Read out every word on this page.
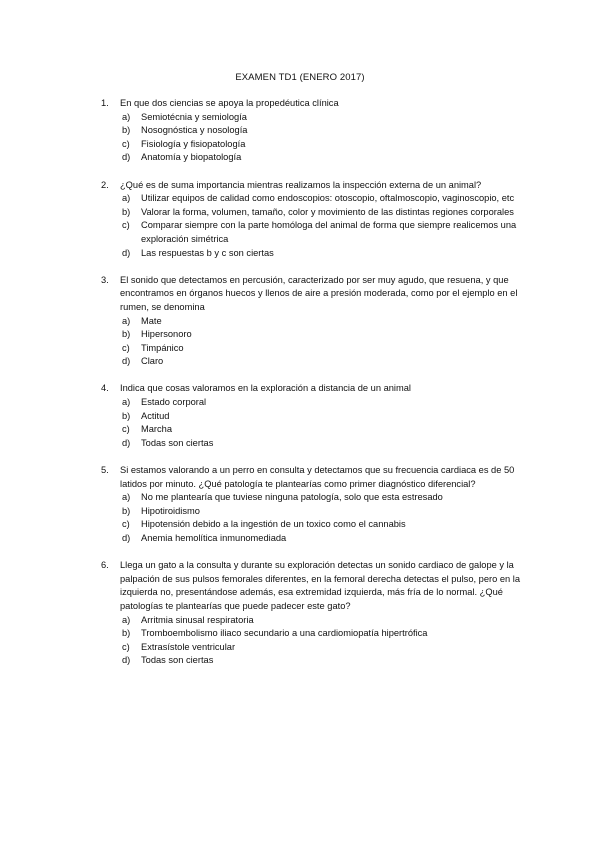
EXAMEN TD1 (ENERO 2017)
1.	En que dos ciencias se apoya la propedéutica clínica
a)	Semiotécnia y semiología
b)	Nosognóstica y nosología
c)	Fisiología y fisiopatología
d)	Anatomía y biopatología
2.	¿Qué es de suma importancia mientras realizamos la inspección externa de un animal?
a)	Utilizar equipos de calidad como endoscopios: otoscopio, oftalmoscopio, vaginoscopio, etc
b)	Valorar la forma, volumen, tamaño, color y movimiento de las distintas regiones corporales
c)	Comparar siempre con la parte homóloga del animal de forma que siempre realicemos una exploración simétrica
d)	Las respuestas b y c son ciertas
3.	El sonido que detectamos en percusión, caracterizado por ser muy agudo, que resuena, y que encontramos en órganos huecos y llenos de aire a presión moderada, como por el ejemplo en el rumen, se denomina
a)	Mate
b)	Hipersonoro
c)	Timpánico
d)	Claro
4.	Indica que cosas valoramos en la exploración a distancia de un animal
a)	Estado corporal
b)	Actitud
c)	Marcha
d)	Todas son ciertas
5.	Si estamos valorando a un perro en consulta y detectamos que su frecuencia cardiaca es de 50 latidos por minuto. ¿Qué patología te plantearías como primer diagnóstico diferencial?
a)	No me plantearía que tuviese ninguna patología, solo que esta estresado
b)	Hipotiroidismo
c)	Hipotensión debido a la ingestión de un toxico como el cannabis
d)	Anemia hemolítica inmunomediada
6.	Llega un gato a la consulta y durante su exploración detectas un sonido cardiaco de galope y la palpación de sus pulsos femorales diferentes, en la femoral derecha detectas el pulso, pero en la izquierda no, presentándose además, esa extremidad izquierda, más fría de lo normal. ¿Qué patologías te plantearías que puede padecer este gato?
a)	Arritmia sinusal respiratoria
b)	Tromboembolismo iliaco secundario a una cardiomiopatía hipertrófica
c)	Extrasístole ventricular
d)	Todas son ciertas
